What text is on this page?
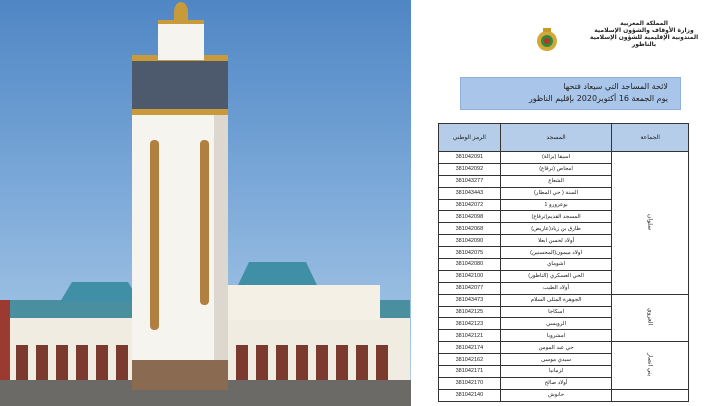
المملكة المغربية
وزارة الأوقاف والشؤون الإسلامية
المندوبية الإقليمية للشؤون الإسلامية
بالناظور
لائحة المساجد التي سيعاد فتحها
يوم الجمعة 16 أكتوبر2020 بإقليم الناظور
الرمز الوطني	المسجد	الجماعة
381042091	اسيقا (بزالة)	سلوان
381042092	امجاص (ترقاع)	
381043277	الشعاع	
381043443	السنة ( حي المطار)	
381042072	بوعرورو 1	
381042098	المسجد القديم(ترقاع)	
381042068	طارق بن زياد(عاريض)	
381042090	أولاد لحسن ابعلا	
381042075	اولاد ميمون(المحسنين)	
381042080	اشوماي	
381042100	الحي العسكري (الناظور)	
381042077	أولاد الطيب	
381043473	الجوهرة المثلى السلام	العروي
381042125	اسكاجا	
381042123	الرويسي	
381042121	امشروبا	
381042174	حي عبد المومن	بني انصار
381042162	سيدي موسى	
381042171	لزمانيا	
381042170	أولاد صالح	
381042140	حانوش	
